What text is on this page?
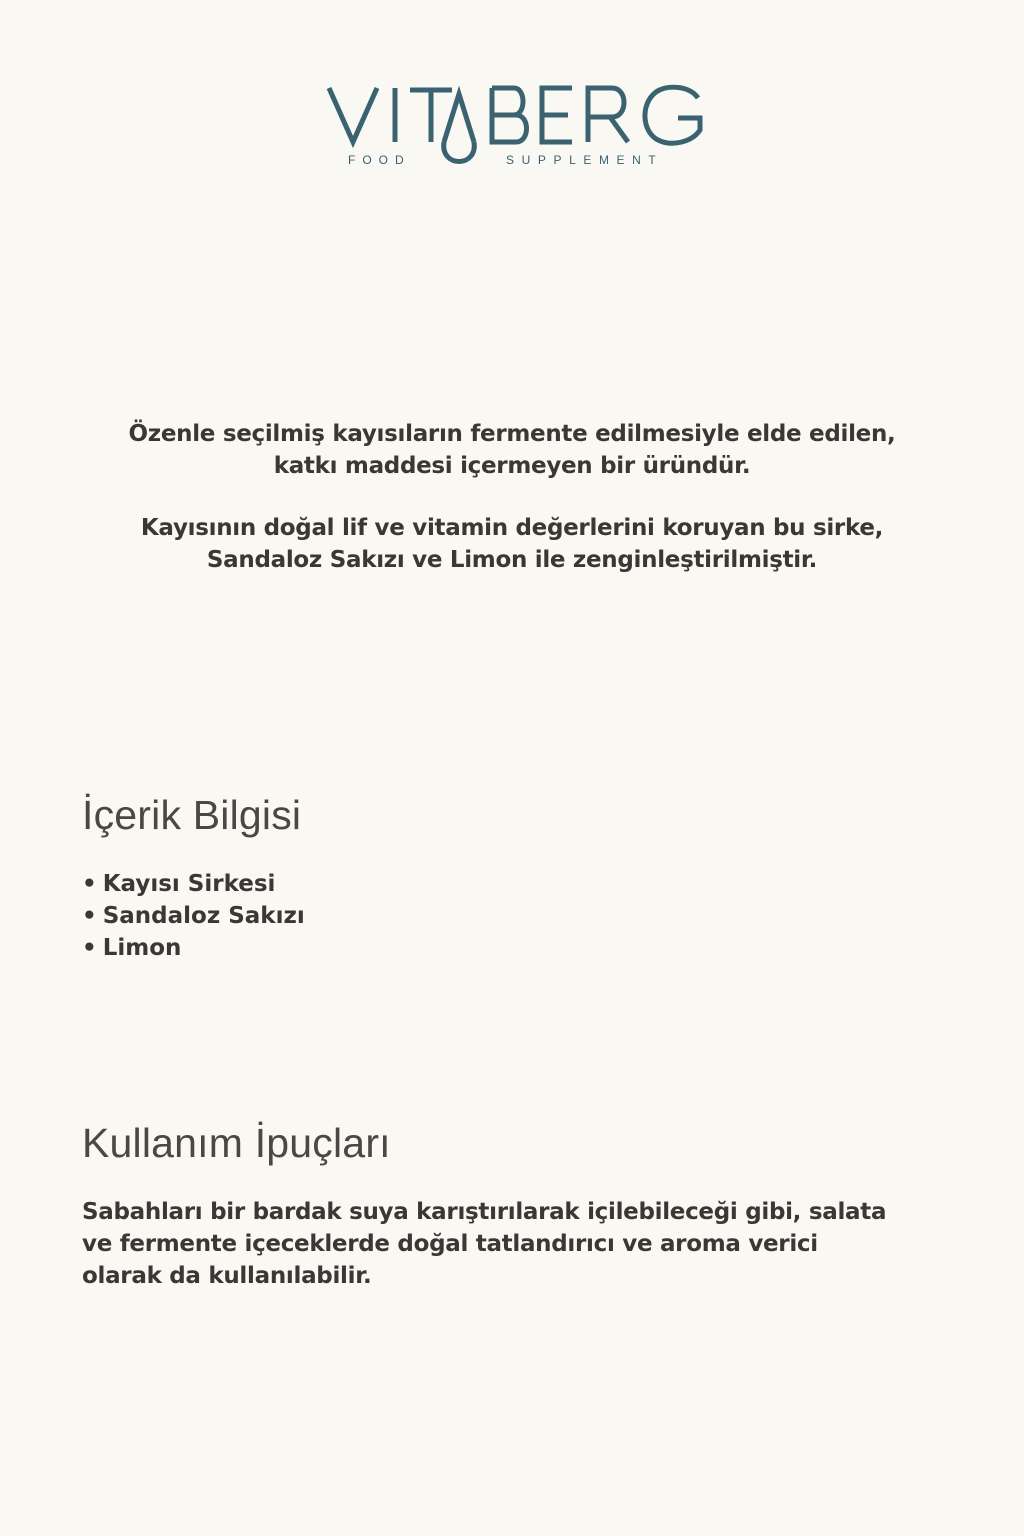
FOOD	SUPPLEMENT

Özenle seçilmiş kayısıların fermente edilmesiyle elde edilen,
katkı maddesi içermeyen bir üründür.

Kayısının doğal lif ve vitamin değerlerini koruyan bu sirke,
Sandaloz Sakızı ve Limon ile zenginleştirilmiştir.

İçerik Bilgisi
• Kayısı Sirkesi
• Sandaloz Sakızı
• Limon
Kullanım İpuçları
Sabahları bir bardak suya karıştırılarak içilebileceği gibi, salata
ve fermente içeceklerde doğal tatlandırıcı ve aroma verici
olarak da kullanılabilir.
